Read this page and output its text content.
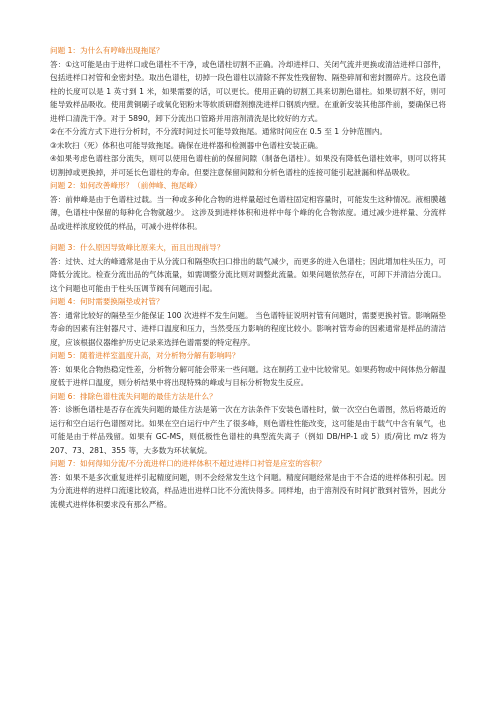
问题 1：为什么有哼峰出现拖尾？

答：①这可能是由于进样口或色谱柱不干净，或色谱柱切割不正确。冷却进样口、关闭气流并更换或清洁进样口部件，包括进样口衬管和金密封垫。取出色谱柱，切掉一段色谱柱以清除不挥发性残留物、隔垫碎屑和密封圈碎片。这段色谱柱的长度可以是 1 英寸到 1 米，如果需要的话，可以更长。使用正确的切割工具来切割色谱柱。如果切割不好，则可能导致样品吸收。使用黄铜刷子或氧化铝粉末等软质研磨剂擦洗进样口钢质内壁。在重新安装其他部件前，要确保已将进样口清洗干净。对于 5890，卸下分流出口管路并用溶剂清洗是比较好的方式。
②在不分流方式下进行分析时，不分流时间过长可能导致拖尾。通常时间应在 0.5 至 1 分钟范围内。
③未吹扫（死）体积也可能导致拖尾。确保在进样器和检测器中色谱柱安装正确。
④如果考虑色谱柱部分流失，则可以使用色谱柱前的保留间隙（制备色谱柱）。如果没有降低色谱柱效率，则可以将其切割掉或更换掉，并可延长色谱柱的寿命。但要注意保留间隙和分析色谱柱的连接可能引起泄漏和样品吸收。

问题 2：如何改善峰形？（前伸峰、拖尾峰）

答：前伸峰是由于色谱柱过载。当一种或多种化合物的进样量超过色谱柱固定相容量时，可能发生这种情况。液相膜越薄，色谱柱中保留的每种化合物就越少。 这涉及到进样体积和进样中每个峰的化合物浓度。通过减少进样量、分流样品或进样浓度较低的样品，可减小进样体积。

问题 3：什么原因导致峰比原来大，而且出现前导？

答：过快、过大的峰通常是由于从分流口和隔垫吹扫口排出的载气减少，而更多的进入色谱柱；因此增加柱头压力，可降低分流比。检查分流出品的气体流量，如需调整分流比则对调整此流量。如果问题依然存在，可卸下并清洁分流口。这个问题也可能由于柱头压调节阀有问题而引起。

问题 4：何时需要换隔垫或衬管？

答：通常比较好的隔垫至少能保证 100 次进样不发生问题。 当色谱特征说明衬管有问题时，需要更换衬管。影响隔垫寿命的因素有注射器尺寸、进样口温度和压力，当然受压力影响的程度比较小。影响衬管寿命的因素通常是样品的清洁度，应该根据仪器维护历史记录来选择色谱需要的特定程序。

问题 5：随着进样室温度升高，对分析物分解有影响吗？

答：如果化合物热稳定性差，分析物分解可能会带来一些问题。这在制药工业中比较常见。如果药物或中间体热分解温度低于进样口温度，则分析结果中将出现特殊的峰或与目标分析物发生反应。

问题 6：排除色谱柱流失问题的最佳方法是什么？

答：诊断色谱柱是否存在流失问题的最佳方法是第一次在方法条件下安装色谱柱时，做一次空白色谱图，然后将最近的运行和空白运行色谱图对比。如果在空白运行中产生了很多峰，则色谱柱性能改变，这可能是由于载气中含有氧气，也可能是由于样品残留。如果有 GC-MS，则低极性色谱柱的典型流失离子（例如 DB/HP-1 或 5）质/荷比 m/z 将为 207、73、281、355 等，大多数为环状氧烷。

问题 7：如何得知分流/不分流进样口的进样体积不超过进样口衬管是应室的容积？

答：如果不是多次重复进样引起精度问题，则不会经常发生这个问题。精度问题经常是由于不合适的进样体积引起。因为分流进样的进样口流速比较高，样品进出进样口比不分流快得多。同样地，由于溶剂没有时间扩散到衬管外，因此分流模式进样体积要求没有那么严格。
